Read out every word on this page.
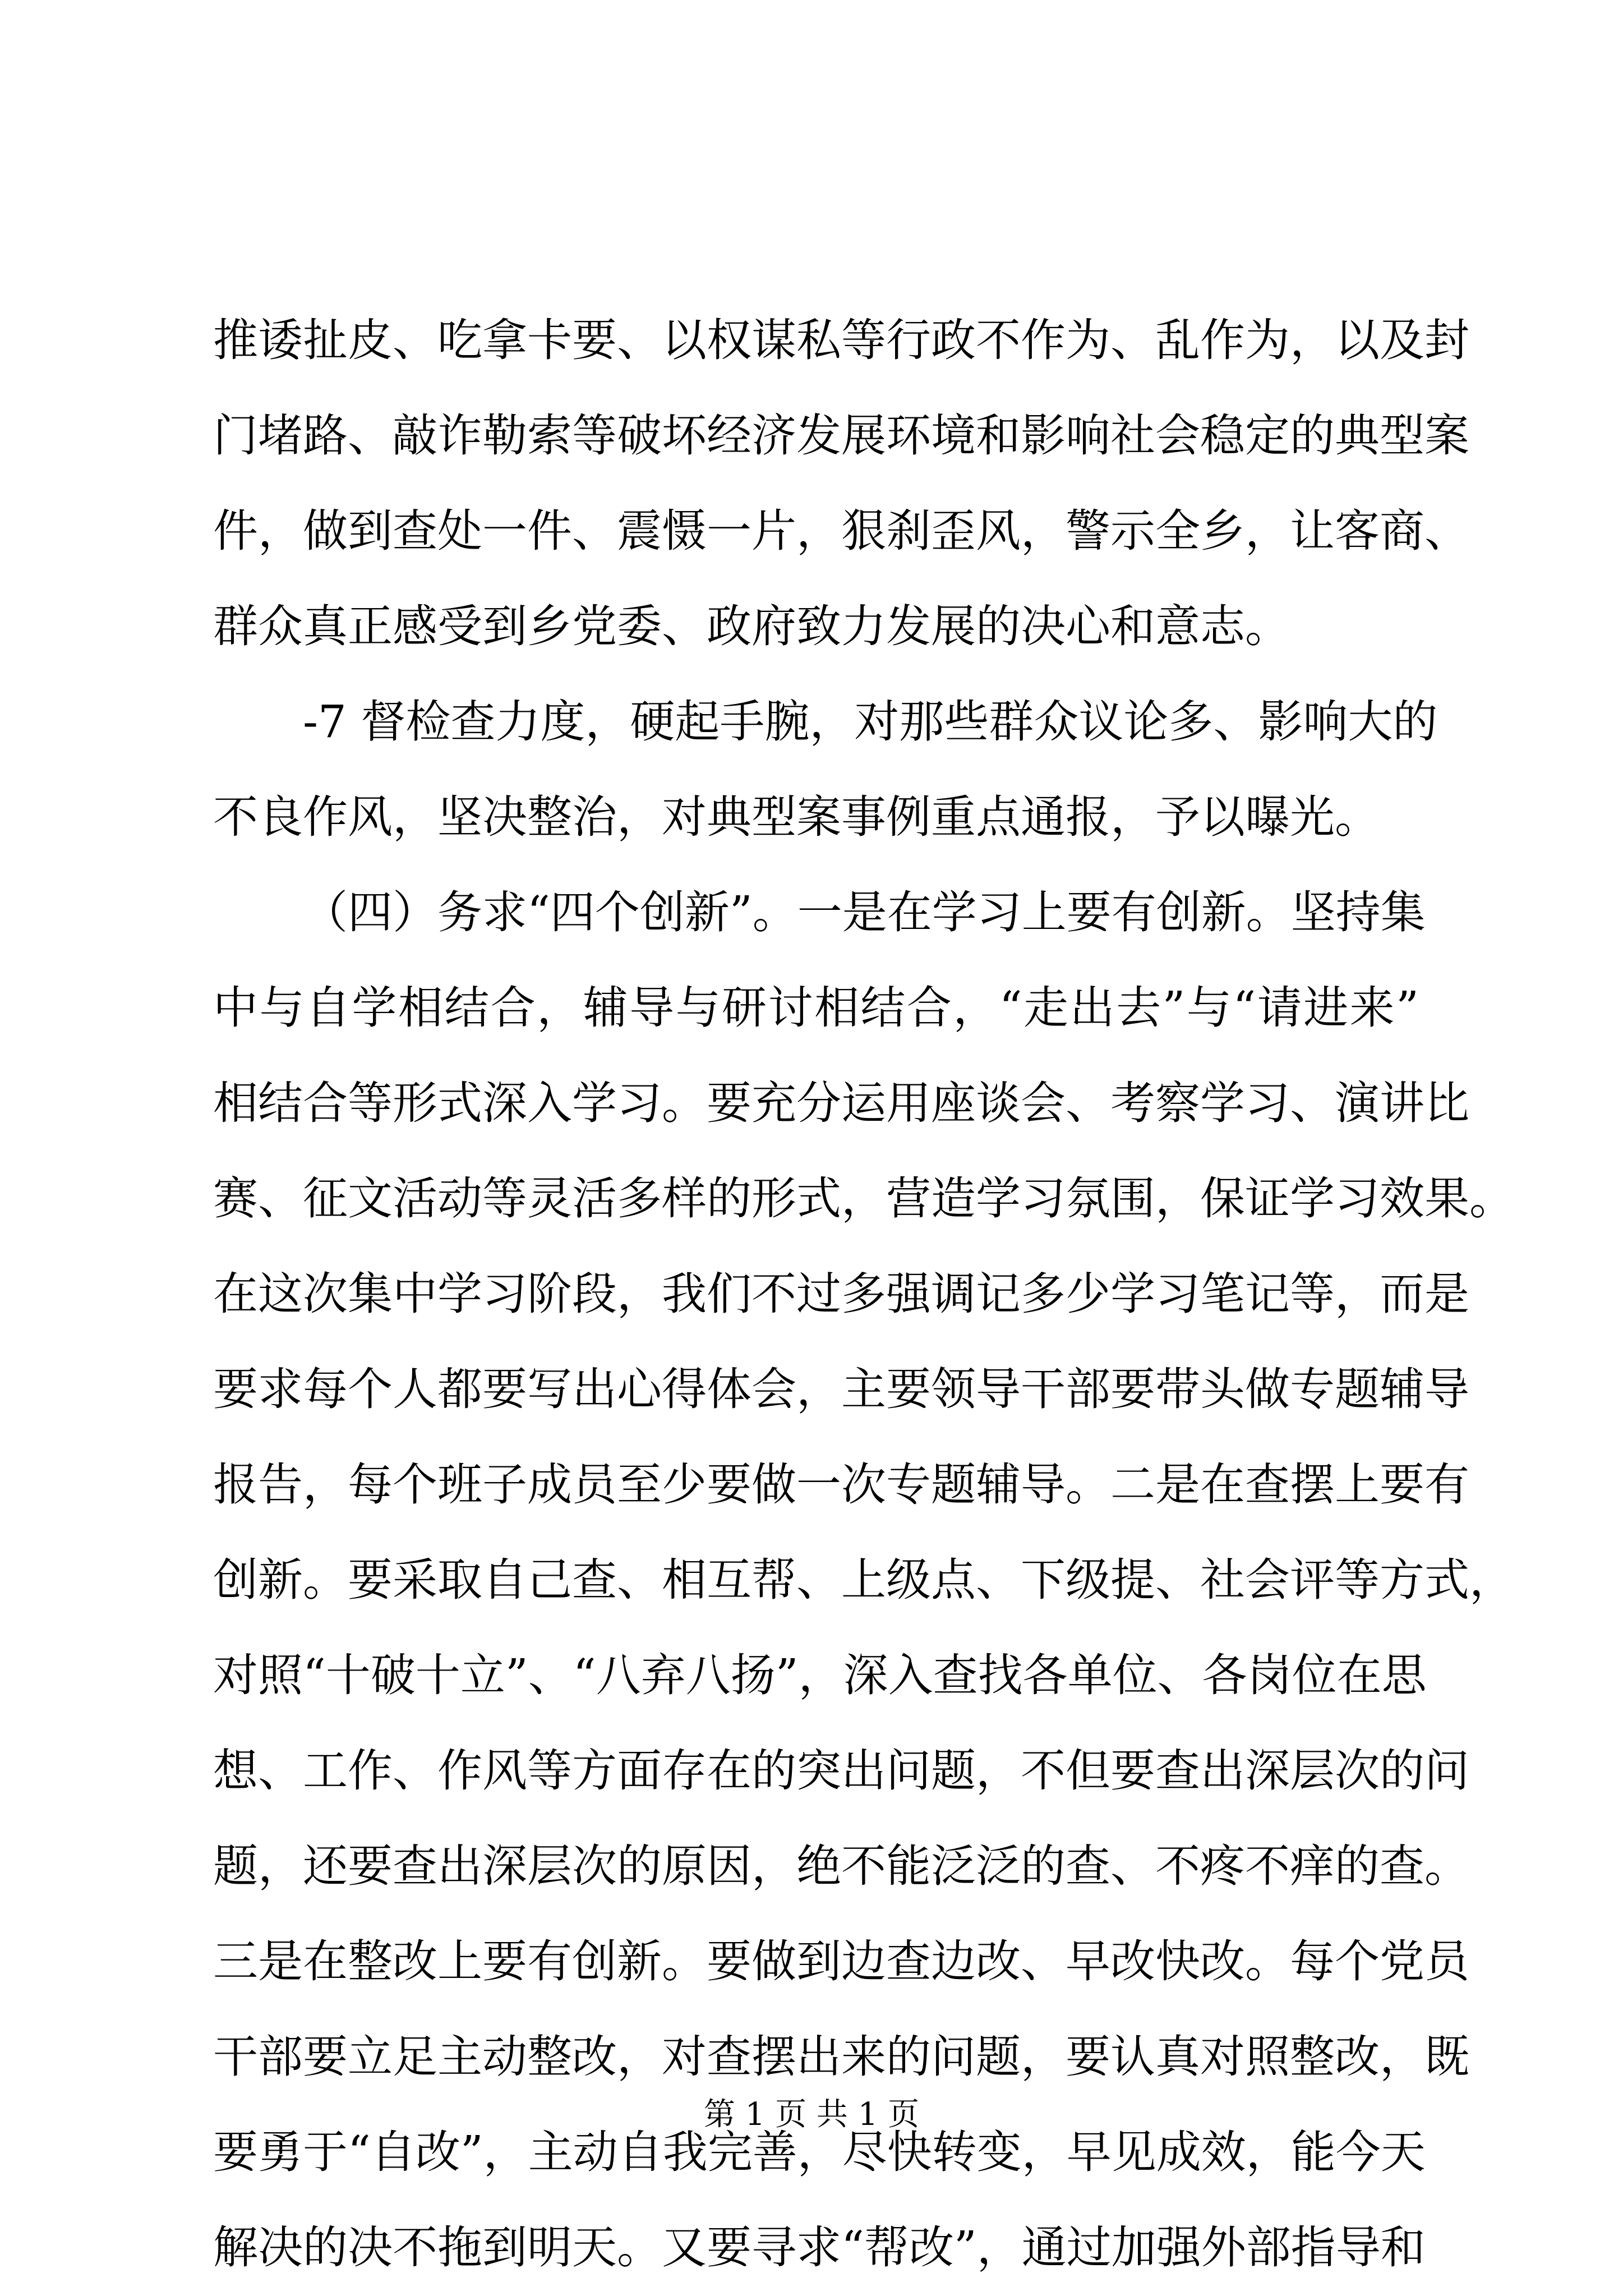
推诿扯皮、吃拿卡要、以权谋私等行政不作为、乱作为，以及封
门堵路、敲诈勒索等破坏经济发展环境和影响社会稳定的典型案
件，做到查处一件、震慑一片，狠刹歪风，警示全乡，让客商、
群众真正感受到乡党委、政府致力发展的决心和意志。
-7 督检查力度，硬起手腕，对那些群众议论多、影响大的
不良作风，坚决整治，对典型案事例重点通报，予以曝光。
（四）务求“四个创新”。一是在学习上要有创新。坚持集
中与自学相结合，辅导与研讨相结合，“走出去”与“请进来”
相结合等形式深入学习。要充分运用座谈会、考察学习、演讲比
赛、征文活动等灵活多样的形式，营造学习氛围，保证学习效果。
在这次集中学习阶段，我们不过多强调记多少学习笔记等，而是
要求每个人都要写出心得体会，主要领导干部要带头做专题辅导
报告，每个班子成员至少要做一次专题辅导。二是在查摆上要有
创新。要采取自己查、相互帮、上级点、下级提、社会评等方式，
对照“十破十立”、“八弃八扬”，深入查找各单位、各岗位在思
想、工作、作风等方面存在的突出问题，不但要查出深层次的问
题，还要查出深层次的原因，绝不能泛泛的查、不疼不痒的查。
三是在整改上要有创新。要做到边查边改、早改快改。每个党员
干部要立足主动整改，对查摆出来的问题，要认真对照整改，既
要勇于“自改”，主动自我完善，尽快转变，早见成效，能今天
解决的决不拖到明天。又要寻求“帮改”，通过加强外部指导和
第 1 页 共 1 页
